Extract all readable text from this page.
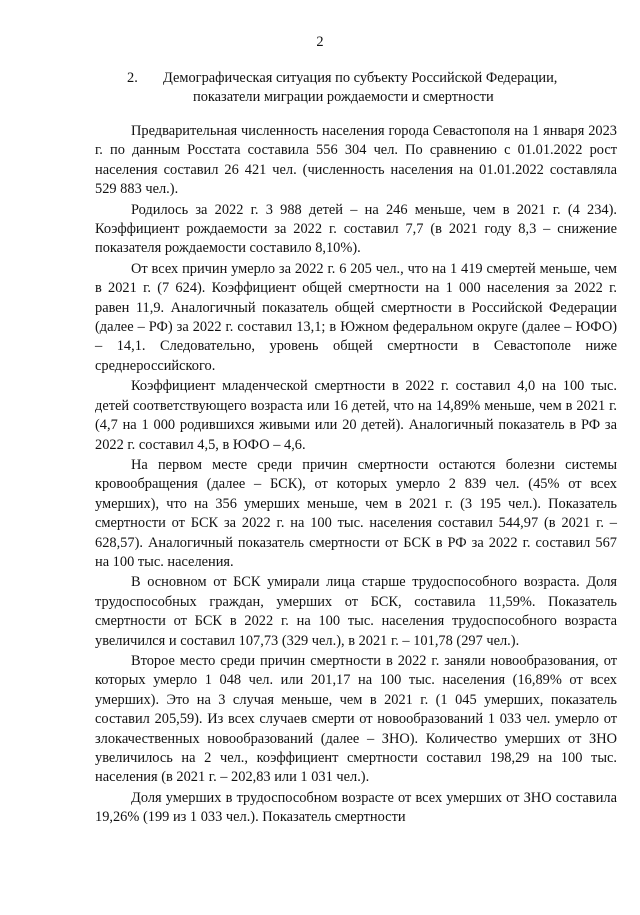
2
2. Демографическая ситуация по субъекту Российской Федерации,
показатели миграции рождаемости и смертности

Предварительная численность населения города Севастополя на 1 января 2023 г. по данным Росстата составила 556 304 чел. По сравнению с 01.01.2022 рост населения составил 26 421 чел. (численность населения на 01.01.2022 составляла 529 883 чел.).

Родилось за 2022 г. 3 988 детей – на 246 меньше, чем в 2021 г. (4 234). Коэффициент рождаемости за 2022 г. составил 7,7 (в 2021 году 8,3 – снижение показателя рождаемости составило 8,10%).

От всех причин умерло за 2022 г. 6 205 чел., что на 1 419 смертей меньше, чем в 2021 г. (7 624). Коэффициент общей смертности на 1 000 населения за 2022 г. равен 11,9. Аналогичный показатель общей смертности в Российской Федерации (далее – РФ) за 2022 г. составил 13,1; в Южном федеральном округе (далее – ЮФО) – 14,1. Следовательно, уровень общей смертности в Севастополе ниже среднероссийского.

Коэффициент младенческой смертности в 2022 г. составил 4,0 на 100 тыс. детей соответствующего возраста или 16 детей, что на 14,89% меньше, чем в 2021 г. (4,7 на 1 000 родившихся живыми или 20 детей). Аналогичный показатель в РФ за 2022 г. составил 4,5, в ЮФО – 4,6.

На первом месте среди причин смертности остаются болезни системы кровообращения (далее – БСК), от которых умерло 2 839 чел. (45% от всех умерших), что на 356 умерших меньше, чем в 2021 г. (3 195 чел.). Показатель смертности от БСК за 2022 г. на 100 тыс. населения составил 544,97 (в 2021 г. – 628,57). Аналогичный показатель смертности от БСК в РФ за 2022 г. составил 567 на 100 тыс. населения.

В основном от БСК умирали лица старше трудоспособного возраста. Доля трудоспособных граждан, умерших от БСК, составила 11,59%. Показатель смертности от БСК в 2022 г. на 100 тыс. населения трудоспособного возраста увеличился и составил 107,73 (329 чел.), в 2021 г. – 101,78 (297 чел.).

Второе место среди причин смертности в 2022 г. заняли новообразования, от которых умерло 1 048 чел. или 201,17 на 100 тыс. населения (16,89% от всех умерших). Это на 3 случая меньше, чем в 2021 г. (1 045 умерших, показатель составил 205,59). Из всех случаев смерти от новообразований 1 033 чел. умерло от злокачественных новообразований (далее – ЗНО). Количество умерших от ЗНО увеличилось на 2 чел., коэффициент смертности составил 198,29 на 100 тыс. населения (в 2021 г. – 202,83 или 1 031 чел.).

Доля умерших в трудоспособном возрасте от всех умерших от ЗНО составила 19,26% (199 из 1 033 чел.). Показатель смертности
